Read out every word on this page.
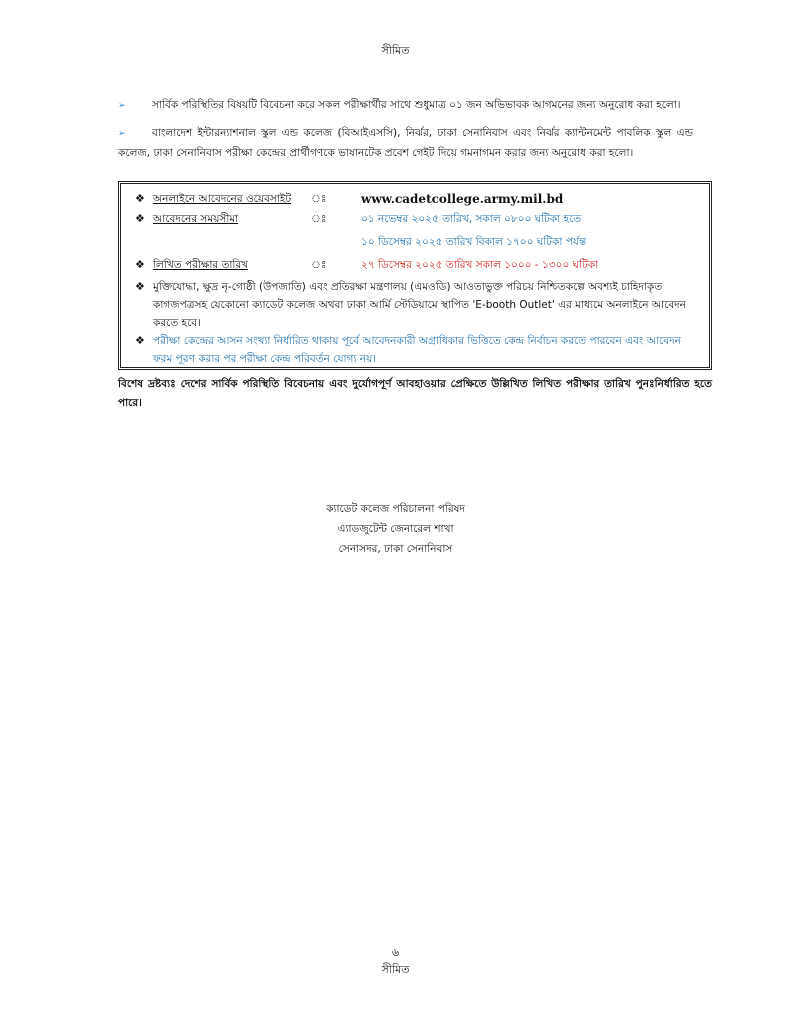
সীমিত
➢	সার্বিক পরিস্থিতির বিষয়টি বিবেচনা করে সকল পরীক্ষার্থীর সাথে শুধুমাত্র ০১ জন অভিভাবক আগমনের জন্য অনুরোধ করা হলো।
➢	বাংলাদেশ ইন্টারন্যাশনাল স্কুল এন্ড কলেজ (বিআইএসসি), নির্ঝর, ঢাকা সেনানিবাস এবং নির্ঝর ক্যান্টনমেন্ট পাবলিক স্কুল এন্ড কলেজ, ঢাকা সেনানিবাস পরীক্ষা কেন্দ্রের প্রার্থীগণকে ভাষানটেক প্রবেশ গেইট দিয়ে গমনাগমন করার জন্য অনুরোধ করা হলো।
❖ অনলাইনে আবেদনের ওয়েবসাইট ঃ	www.cadetcollege.army.mil.bd
❖ আবেদনের সময়সীমা	ঃ	০১ নভেম্বর ২০২৫ তারিখ, সকাল ০৮০০ ঘটিকা হতে
১০ ডিসেম্বর ২০২৫ তারিখ বিকাল ১৭০০ ঘটিকা পর্যন্ত
❖ লিখিত পরীক্ষার তারিখ	ঃ	২৭ ডিসেম্বর ২০২৫ তারিখ সকাল ১০০০ - ১৩০০ ঘটিকা
❖ মুক্তিযোদ্ধা, ক্ষুদ্র নৃ-গোষ্ঠী (উপজাতি) এবং প্রতিরক্ষা মন্ত্রণালয় (এমওডি) আওতাভুক্ত পরিচয় নিশ্চিতকল্পে অবশ্যই চাহিদাকৃত কাগজপত্রসহ যেকোনো ক্যাডেট কলেজ অথবা ঢাকা আর্মি স্টেডিয়ামে স্থাপিত 'E-booth Outlet' এর মাধ্যমে অনলাইনে আবেদন করতে হবে।
❖ পরীক্ষা কেন্দ্রের আসন সংখ্যা নির্ধারিত থাকায় পূর্বে আবেদনকারী অগ্রাধিকার ভিত্তিতে কেন্দ্র নির্বাচন করতে পারবেন এবং আবেদন ফরম পূরণ করার পর পরীক্ষা কেন্দ্র পরিবর্তন যোগ্য নয়।
বিশেষ দ্রষ্টব্যঃ দেশের সার্বিক পরিস্থিতি বিবেচনায় এবং দুর্যোগপূর্ণ আবহাওয়ার প্রেক্ষিতে উল্লিখিত লিখিত পরীক্ষার তারিখ পুনঃনির্ধারিত হতে পারে।
ক্যাডেট কলেজ পরিচালনা পরিষদ
এ্যাডজুটেন্ট জেনারেল শাখা
সেনাসদর, ঢাকা সেনানিবাস
৬
সীমিত
